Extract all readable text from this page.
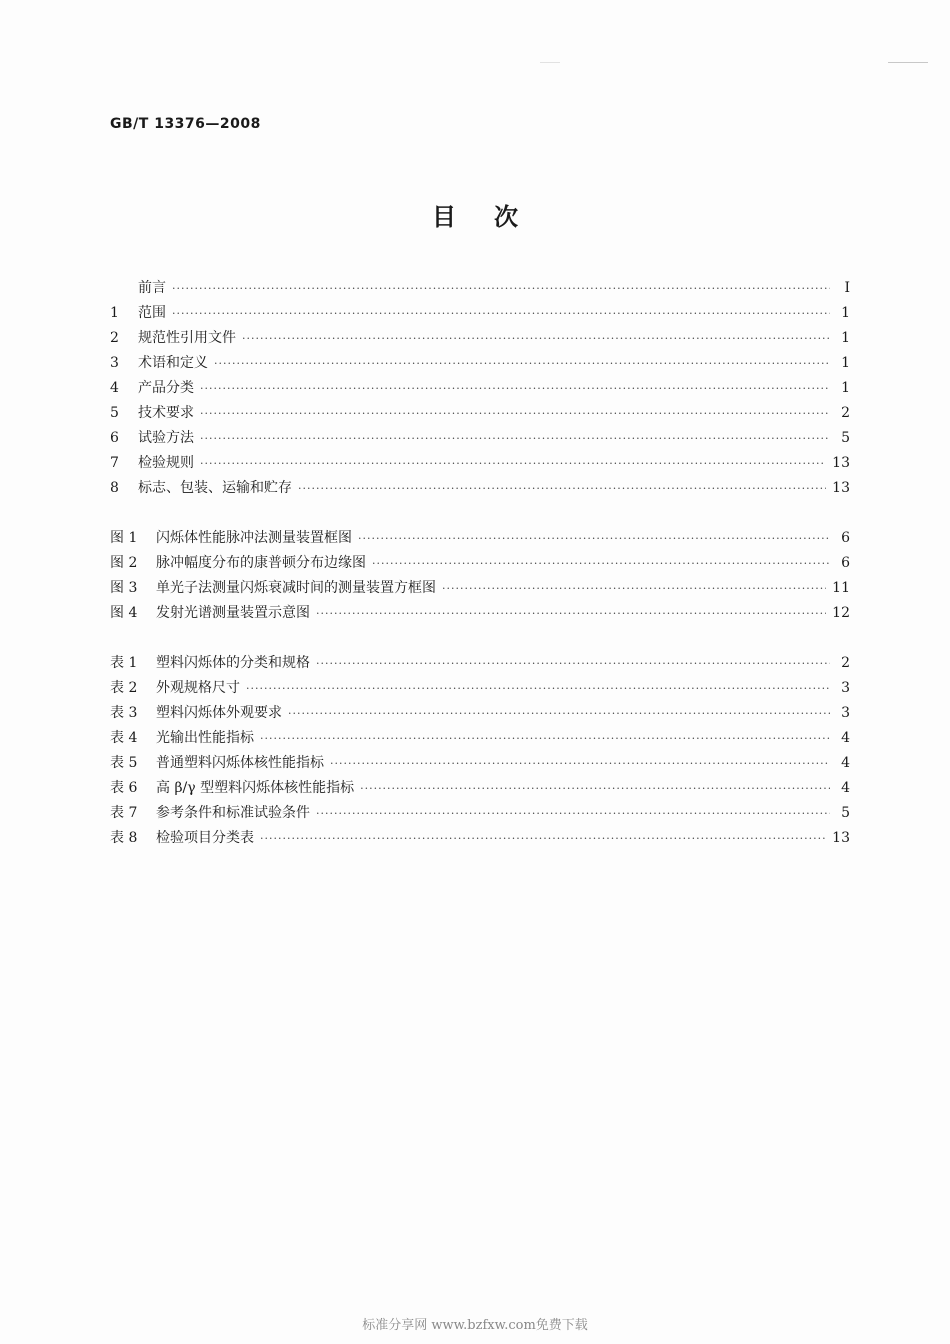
GB/T 13376—2008
目次
前言 ·····	I
1	范围 ·····	1
2	规范性引用文件 ·····	1
3	术语和定义 ·····	1
4	产品分类 ·····	1
5	技术要求 ·····	2
6	试验方法 ·····	5
7	检验规则 ·····	13
8	标志、包装、运输和贮存 ·····	13
图 1	闪烁体性能脉冲法测量装置框图 ·····	6
图 2	脉冲幅度分布的康普顿分布边缘图 ·····	6
图 3	单光子法测量闪烁衰减时间的测量装置方框图 ·····	11
图 4	发射光谱测量装置示意图 ·····	12
表 1	塑料闪烁体的分类和规格 ·····	2
表 2	外观规格尺寸 ·····	3
表 3	塑料闪烁体外观要求 ·····	3
表 4	光输出性能指标 ·····	4
表 5	普通塑料闪烁体核性能指标 ·····	4
表 6	高 β/γ 型塑料闪烁体核性能指标 ·····	4
表 7	参考条件和标准试验条件 ·····	5
表 8	检验项目分类表 ·····	13
标准分享网 www.bzfxw.com免费下载
